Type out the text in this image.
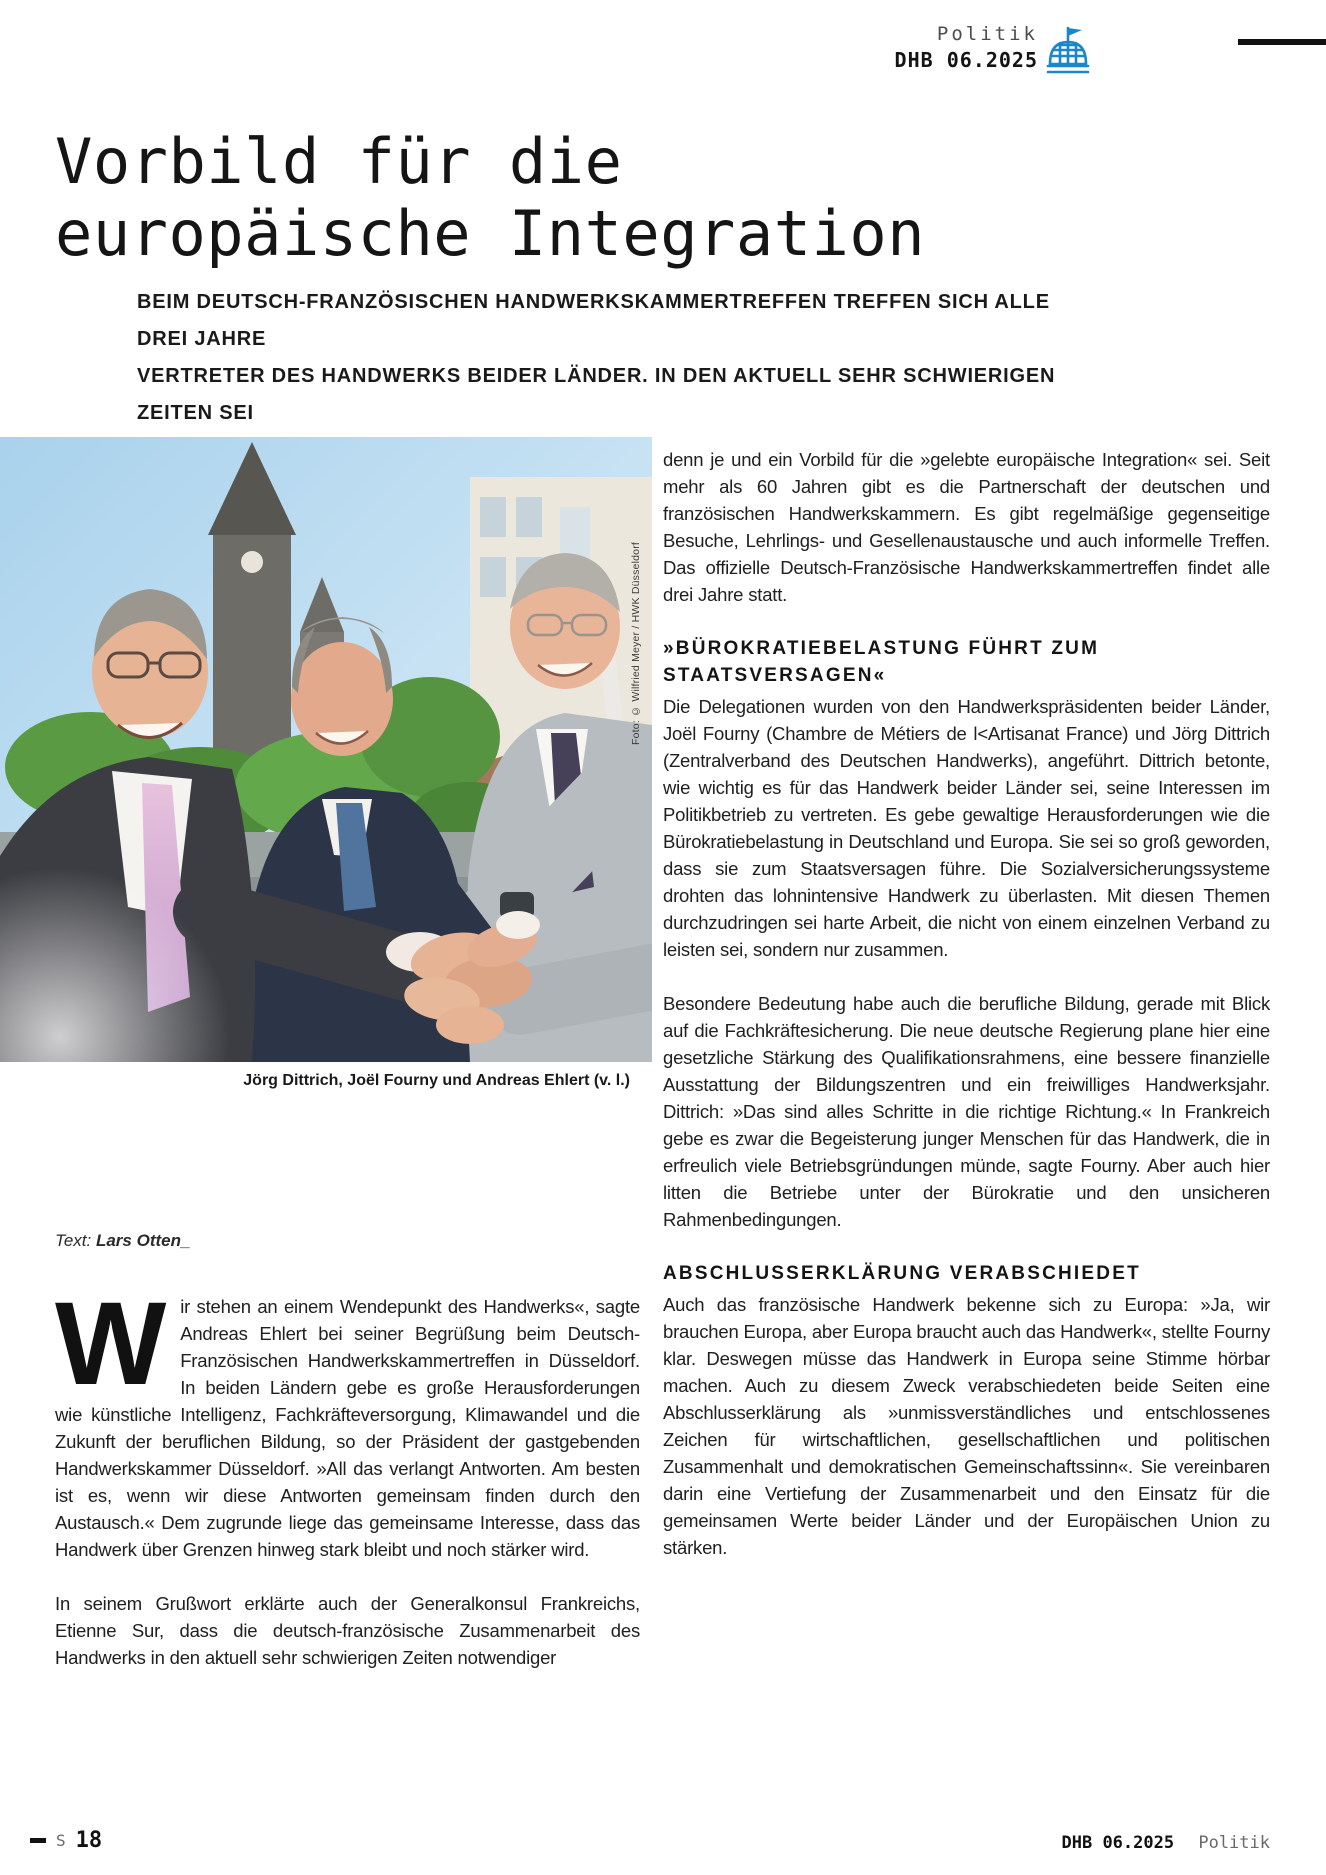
Politik
DHB 06.2025
Vorbild für die
europäische Integration
BEIM DEUTSCH-FRANZÖSISCHEN HANDWERKSKAMMERTREFFEN TREFFEN SICH ALLE DREI JAHRE
VERTRETER DES HANDWERKS BEIDER LÄNDER. IN DEN AKTUELL SEHR SCHWIERIGEN ZEITEN SEI
Foto: © Wilfried Meyer / HWK Düsseldorf
Jörg Dittrich, Joël Fourny und Andreas Ehlert (v. l.)
Text: Lars Otten_

Wir stehen an einem Wendepunkt des Handwerks«, sagte Andreas Ehlert bei seiner Begrüßung beim Deutsch-Französischen Handwerkskammertreffen in Düsseldorf. In beiden Ländern gebe es große Herausforderungen wie künstliche Intelligenz, Fachkräfteversorgung, Klimawandel und die Zukunft der beruflichen Bildung, so der Präsident der gastgebenden Handwerkskammer Düsseldorf. »All das verlangt Antworten. Am besten ist es, wenn wir diese Antworten gemeinsam finden durch den Austausch.« Dem zugrunde liege das gemeinsame Interesse, dass das Handwerk über Grenzen hinweg stark bleibt und noch stärker wird.

In seinem Grußwort erklärte auch der Generalkonsul Frankreichs, Etienne Sur, dass die deutsch-französische Zusammenarbeit des Handwerks in den aktuell sehr schwierigen Zeiten notwendiger

denn je und ein Vorbild für die »gelebte europäische Integration« sei. Seit mehr als 60 Jahren gibt es die Partnerschaft der deutschen und französischen Handwerkskammern. Es gibt regelmäßige gegenseitige Besuche, Lehrlings- und Gesellenaustausche und auch informelle Treffen. Das offizielle Deutsch-Französische Handwerkskammertreffen findet alle drei Jahre statt.

»BÜROKRATIEBELASTUNG FÜHRT ZUM STAATSVERSAGEN«

Die Delegationen wurden von den Handwerkspräsidenten beider Länder, Joël Fourny (Chambre de Métiers de l<Artisanat France) und Jörg Dittrich (Zentralverband des Deutschen Handwerks), angeführt. Dittrich betonte, wie wichtig es für das Handwerk beider Länder sei, seine Interessen im Politikbetrieb zu vertreten. Es gebe gewaltige Herausforderungen wie die Bürokratiebelastung in Deutschland und Europa. Sie sei so groß geworden, dass sie zum Staatsversagen führe. Die Sozialversicherungssysteme drohten das lohnintensive Handwerk zu überlasten. Mit diesen Themen durchzudringen sei harte Arbeit, die nicht von einem einzelnen Verband zu leisten sei, sondern nur zusammen.

Besondere Bedeutung habe auch die berufliche Bildung, gerade mit Blick auf die Fachkräftesicherung. Die neue deutsche Regierung plane hier eine gesetzliche Stärkung des Qualifikationsrahmens, eine bessere finanzielle Ausstattung der Bildungszentren und ein freiwilliges Handwerksjahr. Dittrich: »Das sind alles Schritte in die richtige Richtung.« In Frankreich gebe es zwar die Begeisterung junger Menschen für das Handwerk, die in erfreulich viele Betriebsgründungen münde, sagte Fourny. Aber auch hier litten die Betriebe unter der Bürokratie und den unsicheren Rahmenbedingungen.

ABSCHLUSSERKLÄRUNG VERABSCHIEDET

Auch das französische Handwerk bekenne sich zu Europa: »Ja, wir brauchen Europa, aber Europa braucht auch das Handwerk«, stellte Fourny klar. Deswegen müsse das Handwerk in Europa seine Stimme hörbar machen. Auch zu diesem Zweck verabschiedeten beide Seiten eine Abschlusserklärung als »unmissverständliches und entschlossenes Zeichen für wirtschaftlichen, gesellschaftlichen und politischen Zusammenhalt und demokratischen Gemeinschaftssinn«. Sie vereinbaren darin eine Vertiefung der Zusammenarbeit und den Einsatz für die gemeinsamen Werte beider Länder und der Europäischen Union zu stärken.

S 18	DHB 06.2025 Politik
